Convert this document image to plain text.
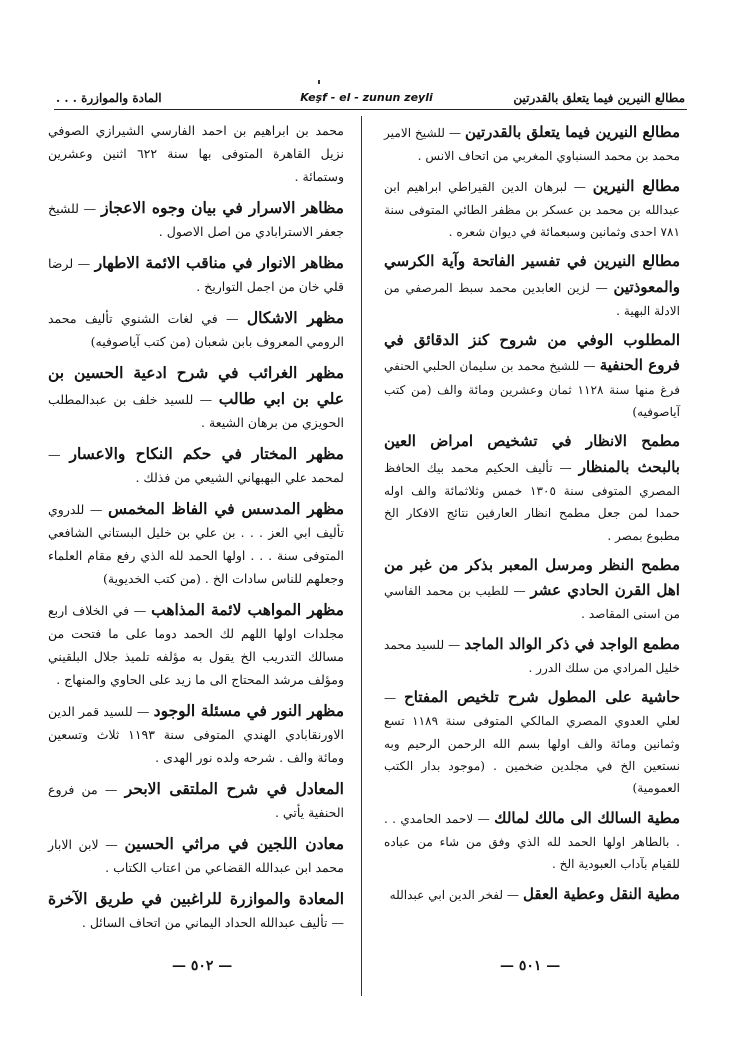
مطالع النيرين فيما يتعلق بالقدرتين
Keşf - el - zunun zeyli
المادة والموازرة . . .
مطالع النيرين فيما يتعلق بالقدرتين — للشيخ الامير محمد بن محمد السنباوي المغربي من اتحاف الانس .
مطالع النيرين — لبرهان الدين القيراطي ابراهيم ابن عبدالله بن محمد بن عسكر بن مظفر الطائي المتوفى سنة ٧٨١ احدى وثمانين وسبعمائة في ديوان شعره .
مطالع النيرين في تفسير الفاتحة وآية الكرسي والمعوذتين — لزين العابدين محمد سبط المرصفي من الادلة البهية .
المطلوب الوفي من شروح كنز الدقائق في فروع الحنفية — للشيخ محمد بن سليمان الحلبي الحنفي فرغ منها سنة ١١٢٨ ثمان وعشرين ومائة والف (من كتب آياصوفيه)
مطمح الانظار في تشخيص امراض العين بالبحث بالمنظار — تأليف الحكيم محمد بيك الحافظ المصري المتوفى سنة ١٣٠٥ خمس وثلاثمائة والف اوله حمدا لمن جعل مطمح انظار العارفين نتائج الافكار الخ مطبوع بمصر .
مطمح النظر ومرسل المعبر بذكر من غبر من اهل القرن الحادي عشر — للطيب بن محمد الفاسي من اسنى المقاصد .
مطمع الواجد في ذكر الوالد الماجد — للسيد محمد خليل المرادي من سلك الدرر .
حاشية على المطول شرح تلخيص المفتاح — لعلي العدوي المصري المالكي المتوفى سنة ١١٨٩ تسع وثمانين ومائة والف اولها بسم الله الرحمن الرحيم وبه نستعين الخ في مجلدين ضخمين . (موجود بدار الكتب العمومية)
مطية السالك الى مالك لمالك — لاحمد الحامدي . . . بالطاهر اولها الحمد لله الذي وفق من شاء من عباده للقيام بآداب العبودية الخ .
مطية النقل وعطية العقل — لفخر الدين ابي عبدالله
محمد بن ابراهيم بن احمد الفارسي الشيرازي الصوفي نزيل القاهرة المتوفى بها سنة ٦٢٢ اثنين وعشرين وستمائة .
مظاهر الاسرار في بيان وجوه الاعجاز — للشيخ جعفر الاسترابادي من اصل الاصول .
مظاهر الانوار في مناقب الائمة الاطهار — لرضا قلي خان من اجمل التواريخ .
مظهر الاشكال — في لغات الشنوي تأليف محمد الرومي المعروف بابن شعبان (من كتب آياصوفيه)
مظهر الغرائب في شرح ادعية الحسين بن علي بن ابي طالب — للسيد خلف بن عبدالمطلب الحويزي من برهان الشيعة .
مظهر المختار في حكم النكاح والاعسار — لمحمد علي البهبهاني الشيعي من فذلك .
مظهر المدسس في الفاظ المخمس — للدروي تأليف ابي العز . . . بن علي بن خليل البستاني الشافعي المتوفى سنة . . . اولها الحمد لله الذي رفع مقام العلماء وجعلهم للناس سادات الخ . (من كتب الخديوية)
مظهر المواهب لائمة المذاهب — في الخلاف اربع مجلدات اولها اللهم لك الحمد دوما على ما فتحت من مسالك التدريب الخ يقول به مؤلفه تلميذ جلال البلقيني ومؤلف مرشد المحتاج الى ما زيد على الحاوي والمنهاج .
مظهر النور في مسئلة الوجود — للسيد قمر الدين الاورنقابادي الهندي المتوفى سنة ١١٩٣ ثلاث وتسعين ومائة والف . شرحه ولده نور الهدى .
المعادل في شرح الملتقى الابحر — من فروع الحنفية يأتي .
معادن اللجين في مراثي الحسين — لابن الابار محمد ابن عبدالله القضاعي من اعتاب الكتاب .
المعادة والموازرة للراغبين في طريق الآخرة — تأليف عبدالله الحداد اليماني من اتحاف السائل .
— ٥٠١ —
— ٥٠٢ —
